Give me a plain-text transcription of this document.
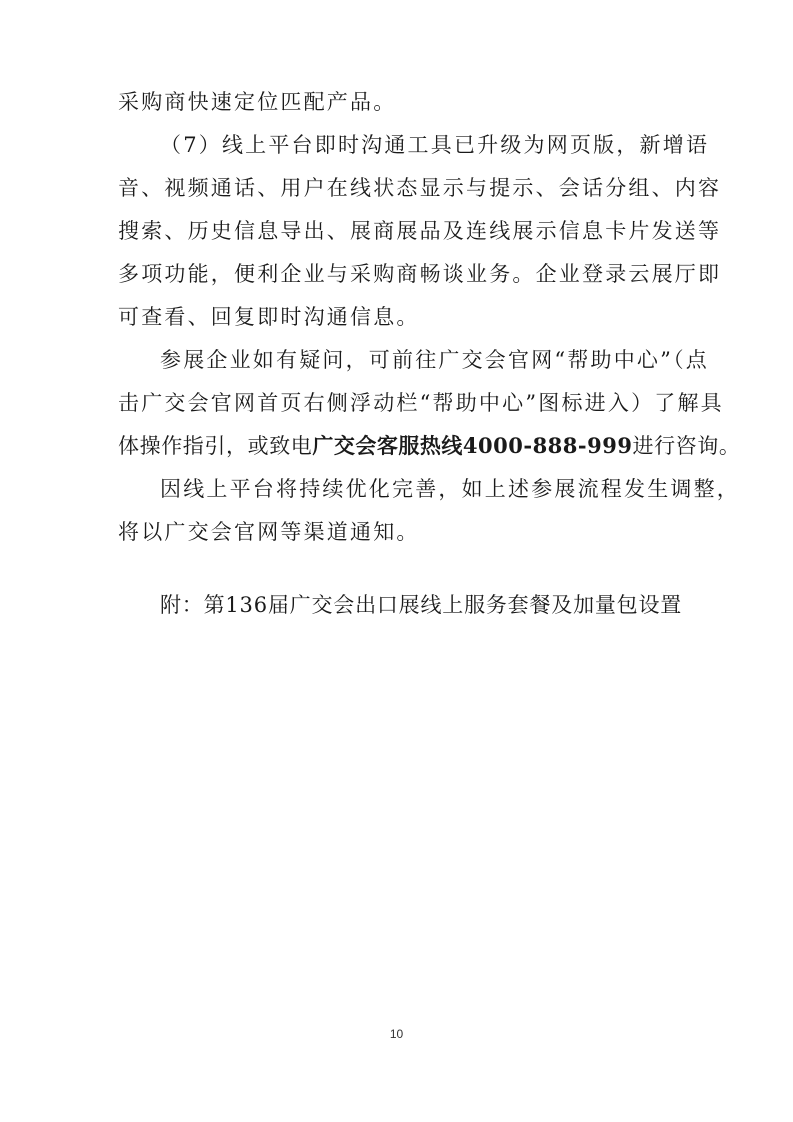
采购商快速定位匹配产品。
（7）线上平台即时沟通工具已升级为网页版，新增语
音、视频通话、用户在线状态显示与提示、会话分组、内容
搜索、历史信息导出、展商展品及连线展示信息卡片发送等
多项功能，便利企业与采购商畅谈业务。企业登录云展厅即
可查看、回复即时沟通信息。
参展企业如有疑问，可前往广交会官网“帮助中心”（点
击广交会官网首页右侧浮动栏“帮助中心”图标进入）了解具
体操作指引，或致电广交会客服热线4000-888-999进行咨询。
因线上平台将持续优化完善，如上述参展流程发生调整，
将以广交会官网等渠道通知。
附：第136届广交会出口展线上服务套餐及加量包设置
10
